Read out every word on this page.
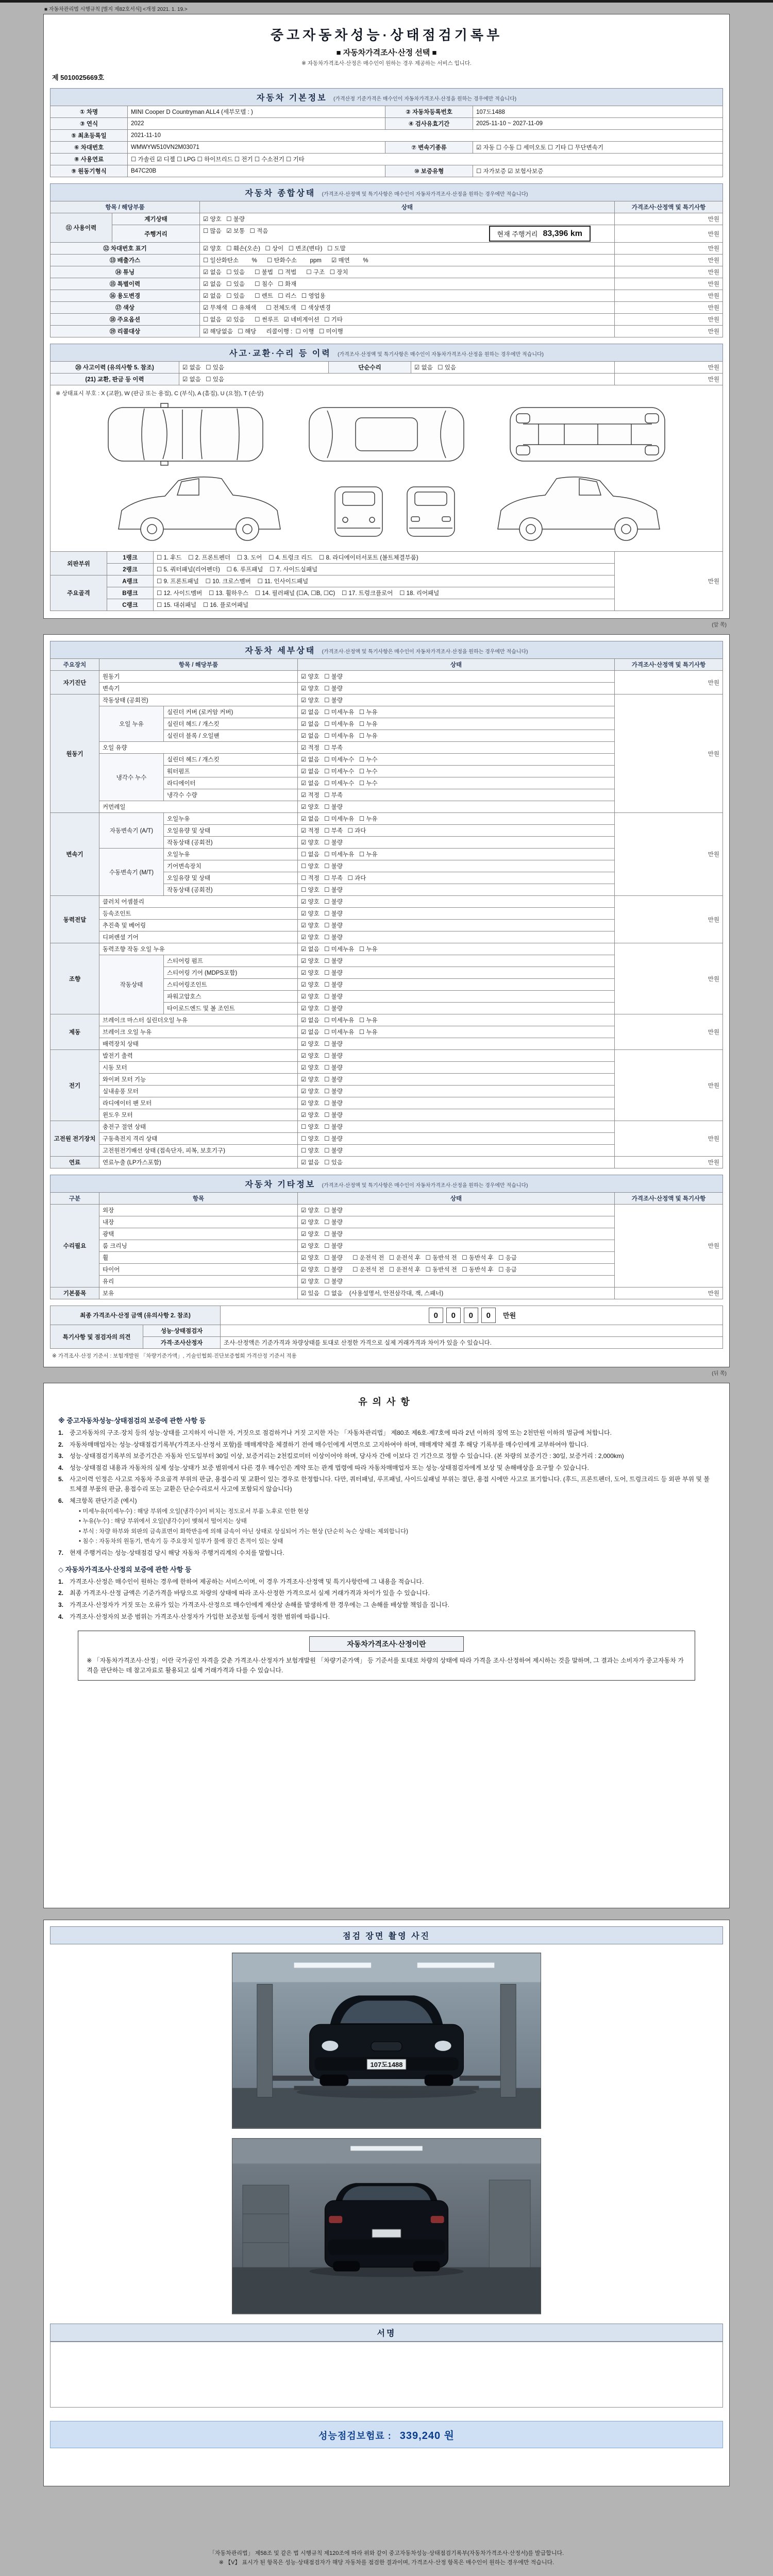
■ 자동차관리법 시행규칙 [별지 제82호서식] <개정 2021. 1. 19.>
중고자동차성능·상태점검기록부
■ 자동차가격조사·산정 선택 ■
※ 자동차가격조사·산정은 매수인이 원하는 경우 제공하는 서비스 입니다.
제 5010025669호
자동차 기본정보 (가격산정 기준가격은 매수인이 자동차가격조사·산정을 원하는 경우에만 적습니다)
① 차명	MINI Cooper D Countryman ALL4 (세부모델 : )	② 자동차등록번호	107도1488
③ 연식	2022	④ 검사유효기간	2025-11-10 ~ 2027-11-09
⑤ 최초등록일	2021-11-10		
⑥ 차대번호	WMWYW510VN2M03071	⑦ 변속기종류	☑ 자동 ☐ 수동 ☐ 세미오토 ☐ 기타 ☐ 무단변속기
⑧ 사용연료	☐ 가솔린 ☑ 디젤 ☐ LPG ☐ 하이브리드 ☐ 전기 ☐ 수소전기 ☐ 기타		
⑨ 원동기형식	B47C20B	⑩ 보증유형	☐ 자가보증 ☑ 보험사보증
자동차 종합상태 (가격조사·산정액 및 특기사항은 매수인이 자동차가격조사·산정을 원하는 경우에만 적습니다)
항목 / 해당부품		상태	가격조사·산정액 및 특기사항
⑪ 사용이력	계기상태	☑ 양호   ☐ 불량	만원
	주행거리	☐ 많음   ☑ 보통   ☐ 적음 현재 주행거리 83,396 km	만원
⑫ 차대번호 표기		☑ 양호   ☐ 훼손(오손)   ☐ 상이   ☐ 변조(변타)   ☐ 도말	만원
⑬ 배출가스		☐ 일산화탄소        %      ☐ 탄화수소        ppm      ☑ 매연        %	만원
⑭ 튜닝		☑ 없음   ☐ 있음      ☐ 불법   ☐ 적법      ☐ 구조   ☐ 장치	만원
⑮ 특별이력		☑ 없음   ☐ 있음      ☐ 침수   ☐ 화재	만원
⑯ 용도변경		☑ 없음   ☐ 있음      ☐ 렌트   ☐ 리스   ☐ 영업용	만원
⑰ 색상		☑ 무채색   ☐ 유채색      ☐ 전체도색   ☐ 색상변경	만원
⑱ 주요옵션		☐ 없음   ☑ 있음      ☐ 썬루프   ☑ 네비게이션   ☐ 기타	만원
⑲ 리콜대상		☑ 해당없음   ☐ 해당      리콜이행 :  ☐ 이행   ☐ 미이행	만원
사고·교환·수리 등 이력 (가격조사·산정액 및 특기사항은 매수인이 자동차가격조사·산정을 원하는 경우에만 적습니다)
⑳ 사고이력 (유의사항 5. 참조)	☑ 없음   ☐ 있음	단순수리	☑ 없음   ☐ 있음	만원
(21) 교환, 판금 등 이력	☑ 없음   ☐ 있음			만원

※ 상태표시 부호 : X (교환), W (판금 또는 용접), C (부식), A (흠집), U (요철), T (손상)				
외판부위	1랭크	☐ 1. 후드    ☐ 2. 프론트펜더    ☐ 3. 도어    ☐ 4. 트렁크 리드    ☐ 8. 라디에이터서포트 (볼트체결부품)	만원
	2랭크	☐ 5. 쿼터패널(리어펜더)    ☐ 6. 루프패널    ☐ 7. 사이드실패널	
주요골격	A랭크	☐ 9. 프론트패널    ☐ 10. 크로스멤버    ☐ 11. 인사이드패널	
	B랭크	☐ 12. 사이드멤버    ☐ 13. 휠하우스    ☐ 14. 필러패널 (☐A, ☐B, ☐C)    ☐ 17. 트렁크플로어    ☐ 18. 리어패널	
	C랭크	☐ 15. 대쉬패널    ☐ 16. 플로어패널	
(앞 쪽)
자동차 세부상태 (가격조사·산정액 및 특기사항은 매수인이 자동차가격조사·산정을 원하는 경우에만 적습니다)
주요장치	항목 / 해당부품		상태	가격조사·산정액 및 특기사항
자기진단	원동기		☑ 양호   ☐ 불량	만원
	변속기		☑ 양호   ☐ 불량	
원동기	작동상태 (공회전)		☑ 양호   ☐ 불량	만원
	오일 누유	실린더 커버 (로커암 커버)	☑ 없음   ☐ 미세누유   ☐ 누유	
		실린더 헤드 / 개스킷	☑ 없음   ☐ 미세누유   ☐ 누유	
		실린더 블록 / 오일팬	☑ 없음   ☐ 미세누유   ☐ 누유	
	오일 유량		☑ 적정   ☐ 부족	
	냉각수 누수	실린더 헤드 / 개스킷	☑ 없음   ☐ 미세누수   ☐ 누수	
		워터펌프	☑ 없음   ☐ 미세누수   ☐ 누수	
		라디에이터	☑ 없음   ☐ 미세누수   ☐ 누수	
		냉각수 수량	☑ 적정   ☐ 부족	
	커먼레일		☑ 양호   ☐ 불량	
변속기	자동변속기 (A/T)	오일누유	☑ 없음   ☐ 미세누유   ☐ 누유	만원
		오일유량 및 상태	☑ 적정   ☐ 부족   ☐ 과다	
		작동상태 (공회전)	☑ 양호   ☐ 불량	
	수동변속기 (M/T)	오일누유	☐ 없음   ☐ 미세누유   ☐ 누유	
		기어변속장치	☐ 양호   ☐ 불량	
		오일유량 및 상태	☐ 적정   ☐ 부족   ☐ 과다	
		작동상태 (공회전)	☐ 양호   ☐ 불량	
동력전달	클러치 어셈블리		☑ 양호   ☐ 불량	만원
	등속조인트		☑ 양호   ☐ 불량	
	추진축 및 베어링		☑ 양호   ☐ 불량	
	디퍼렌셜 기어		☑ 양호   ☐ 불량	
조향	동력조향 작동 오일 누유		☑ 없음   ☐ 미세누유   ☐ 누유	만원
	작동상태	스티어링 펌프	☑ 양호   ☐ 불량	
		스티어링 기어 (MDPS포함)	☑ 양호   ☐ 불량	
		스티어링조인트	☑ 양호   ☐ 불량	
		파워고압호스	☑ 양호   ☐ 불량	
		타이로드엔드 및 볼 조인트	☑ 양호   ☐ 불량	
제동	브레이크 마스터 실린더오일 누유		☑ 없음   ☐ 미세누유   ☐ 누유	만원
	브레이크 오일 누유		☑ 없음   ☐ 미세누유   ☐ 누유	
	배력장치 상태		☑ 양호   ☐ 불량	
전기	발전기 출력		☑ 양호   ☐ 불량	만원
	시동 모터		☑ 양호   ☐ 불량	
	와이퍼 모터 기능		☑ 양호   ☐ 불량	
	실내송풍 모터		☑ 양호   ☐ 불량	
	라디에이터 팬 모터		☑ 양호   ☐ 불량	
	윈도우 모터		☑ 양호   ☐ 불량	
고전원 전기장치	충전구 절연 상태		☐ 양호   ☐ 불량	만원
	구동축전지 격리 상태		☐ 양호   ☐ 불량	
	고전원전기배선 상태 (접속단자, 피복, 보호기구)		☐ 양호   ☐ 불량	
연료	연료누출 (LP가스포함)		☑ 없음   ☐ 있음	만원
자동차 기타정보 (가격조사·산정액 및 특기사항은 매수인이 자동차가격조사·산정을 원하는 경우에만 적습니다)
구분	항목	상태	가격조사·산정액 및 특기사항
수리필요	외장	☑ 양호   ☐ 불량	만원
	내장	☑ 양호   ☐ 불량	
	광택	☑ 양호   ☐ 불량	
	룸 크리닝	☑ 양호   ☐ 불량	
	휠	☑ 양호   ☐ 불량      ☐ 운전석 전   ☐ 운전석 후   ☐ 동반석 전   ☐ 동반석 후   ☐ 응급	
	타이어	☑ 양호   ☐ 불량      ☐ 운전석 전   ☐ 운전석 후   ☐ 동반석 전   ☐ 동반석 후   ☐ 응급	
	유리	☑ 양호   ☐ 불량	
기본품목	보유	☑ 있음   ☐ 없음    (사용설명서, 안전삼각대, 잭, 스패너)	만원
최종 가격조사·산정 금액 (유의사항 2. 참조)	0 0 0 0 만원
특기사항 및 점검자의 의견	성능·상태점검자	
	가격·조사산정자	조사·산정액은 기준가격과 차량상태를 토대로 산정한 가격으로 실제 거래가격과 차이가 있을 수 있습니다.
※ 가격조사·산정 기준서 : 보험개발원 「차량기준가액」, 기술인협회·진단보증협회 가격산정 기준서 적용
(뒤 쪽)
유의사항
※ 중고자동차성능·상태점검의 보증에 관한 사항 등
1. 중고자동차의 구조·장치 등의 성능·상태를 고지하지 아니한 자, 거짓으로 점검하거나 거짓 고지한 자는 「자동차관리법」 제80조 제6호·제7호에 따라 2년 이하의 징역 또는 2천만원 이하의 벌금에 처합니다.
2. 자동차매매업자는 성능·상태점검기록부(가격조사·산정서 포함)를 매매계약을 체결하기 전에 매수인에게 서면으로 고지하여야 하며, 매매계약 체결 후 해당 기록부를 매수인에게 교부하여야 합니다.
3. 성능·상태점검기록부의 보증기간은 자동차 인도일부터 30일 이상, 보증거리는 2천킬로미터 이상이어야 하며, 당사자 간에 이보다 긴 기간으로 정할 수 있습니다. (본 차량의 보증기간 : 30일, 보증거리 : 2,000km)
4. 성능·상태점검 내용과 자동차의 실제 성능·상태가 보증 범위에서 다른 경우 매수인은 계약 또는 관계 법령에 따라 자동차매매업자 또는 성능·상태점검자에게 보상 및 손해배상을 요구할 수 있습니다.
5. 사고이력 인정은 사고로 자동차 주요골격 부위의 판금, 용접수리 및 교환이 있는 경우로 한정합니다. 다만, 쿼터패널, 루프패널, 사이드실패널 부위는 절단, 용접 시에만 사고로 표기합니다. (후드, 프론트펜더, 도어, 트렁크리드 등 외판 부위 및 볼트체결 부품의 판금, 용접수리 또는 교환은 단순수리로서 사고에 포함되지 않습니다)
6. 체크항목 판단기준 (예시)
• 미세누유(미세누수) : 해당 부위에 오일(냉각수)이 비치는 정도로서 부품 노후로 인한 현상
• 누유(누수) : 해당 부위에서 오일(냉각수)이 맺혀서 떨어지는 상태
• 부식 : 차량 하부와 외판의 금속표면이 화학반응에 의해 금속이 아닌 상태로 상실되어 가는 현상 (단순히 녹슨 상태는 제외합니다)
• 침수 : 자동차의 원동기, 변속기 등 주요장치 일부가 물에 잠긴 흔적이 있는 상태
7. 현재 주행거리는 성능·상태점검 당시 해당 자동차 주행거리계의 수치를 말합니다.
◇ 자동차가격조사·산정의 보증에 관한 사항 등
1. 가격조사·산정은 매수인이 원하는 경우에 한하여 제공하는 서비스이며, 이 경우 가격조사·산정액 및 특기사항란에 그 내용을 적습니다.
2. 최종 가격조사·산정 금액은 기준가격을 바탕으로 차량의 상태에 따라 조사·산정한 가격으로서 실제 거래가격과 차이가 있을 수 있습니다.
3. 가격조사·산정자가 거짓 또는 오류가 있는 가격조사·산정으로 매수인에게 재산상 손해를 발생하게 한 경우에는 그 손해를 배상할 책임을 집니다.
4. 가격조사·산정자의 보증 범위는 가격조사·산정자가 가입한 보증보험 등에서 정한 범위에 따릅니다.
자동차가격조사·산정이란
※ 「자동차가격조사·산정」이란 국가공인 자격을 갖춘 가격조사·산정자가 보험개발원 「차량기준가액」 등 기준서를 토대로 차량의 상태에 따라 가격을 조사·산정하여 제시하는 것을 말하며, 그 결과는 소비자가 중고자동차 가격을 판단하는 데 참고자료로 활용되고 실제 거래가격과 다를 수 있습니다.
점검 장면 촬영 사진
107도1488
서명
성능점검보험료 : 339,240 원
「자동차관리법」 제58조 및 같은 법 시행규칙 제120조에 따라 위와 같이 중고자동차성능·상태점검기록부(자동차가격조사·산정서)를 발급합니다.
※ 【V】 표시가 된 항목은 성능·상태점검자가 해당 자동차를 점검한 결과이며, 가격조사·산정 항목은 매수인이 원하는 경우에만 적습니다.
